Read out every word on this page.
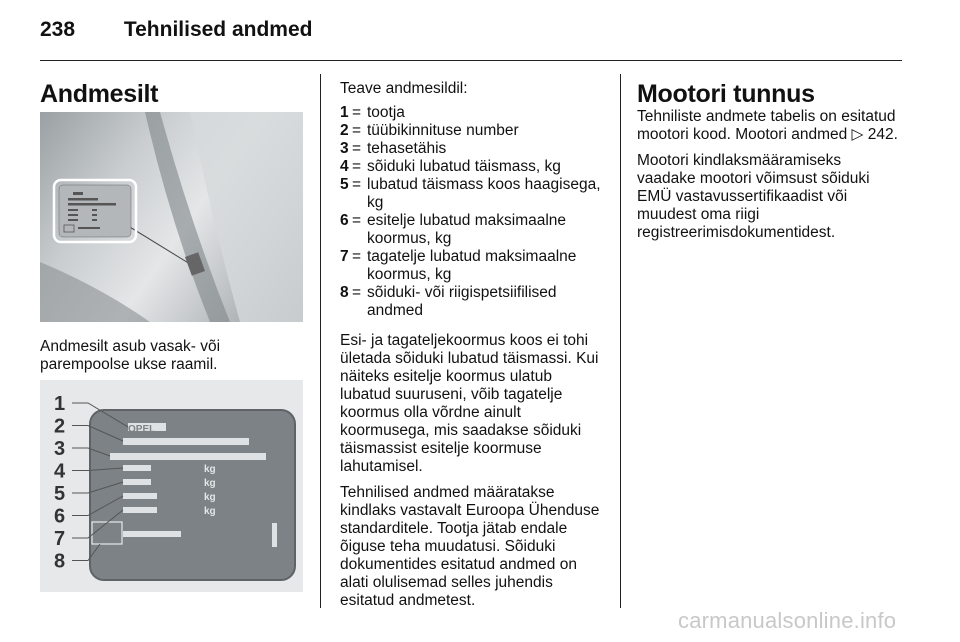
238 Tehnilised andmed
Andmesilt
Andmesilt asub vasak- või parempoolse ukse raamil.
OPEL
kg
kg
kg
kg
1
2
3
4
5
6
7
8

Teave andmesildil:

1 = tootja
2 = tüübikinnituse number
3 = tehasetähis
4 = sõiduki lubatud täismass, kg
5 = lubatud täismass koos haagisega, kg
6 = esitelje lubatud maksimaalne koormus, kg
7 = tagatelje lubatud maksimaalne koormus, kg
8 = sõiduki- või riigispetsiifilised andmed

Esi- ja tagateljekoormus koos ei tohi ületada sõiduki lubatud täismassi. Kui näiteks esitelje koormus ulatub lubatud suuruseni, võib tagatelje koormus olla võrdne ainult koormusega, mis saadakse sõiduki täismassist esitelje koormuse lahutamisel.

Tehnilised andmed määratakse kindlaks vastavalt Euroopa Ühenduse standarditele. Tootja jätab endale õiguse teha muudatusi. Sõiduki dokumentides esitatud andmed on alati olulisemad selles juhendis esitatud andmetest.

Mootori tunnus

Tehniliste andmete tabelis on esitatud mootori kood. Mootori andmed ▷ 242.

Mootori kindlaksmääramiseks vaadake mootori võimsust sõiduki EMÜ vastavussertifikaadist või muudest oma riigi registreerimisdokumentidest.

carmanualsonline.info
